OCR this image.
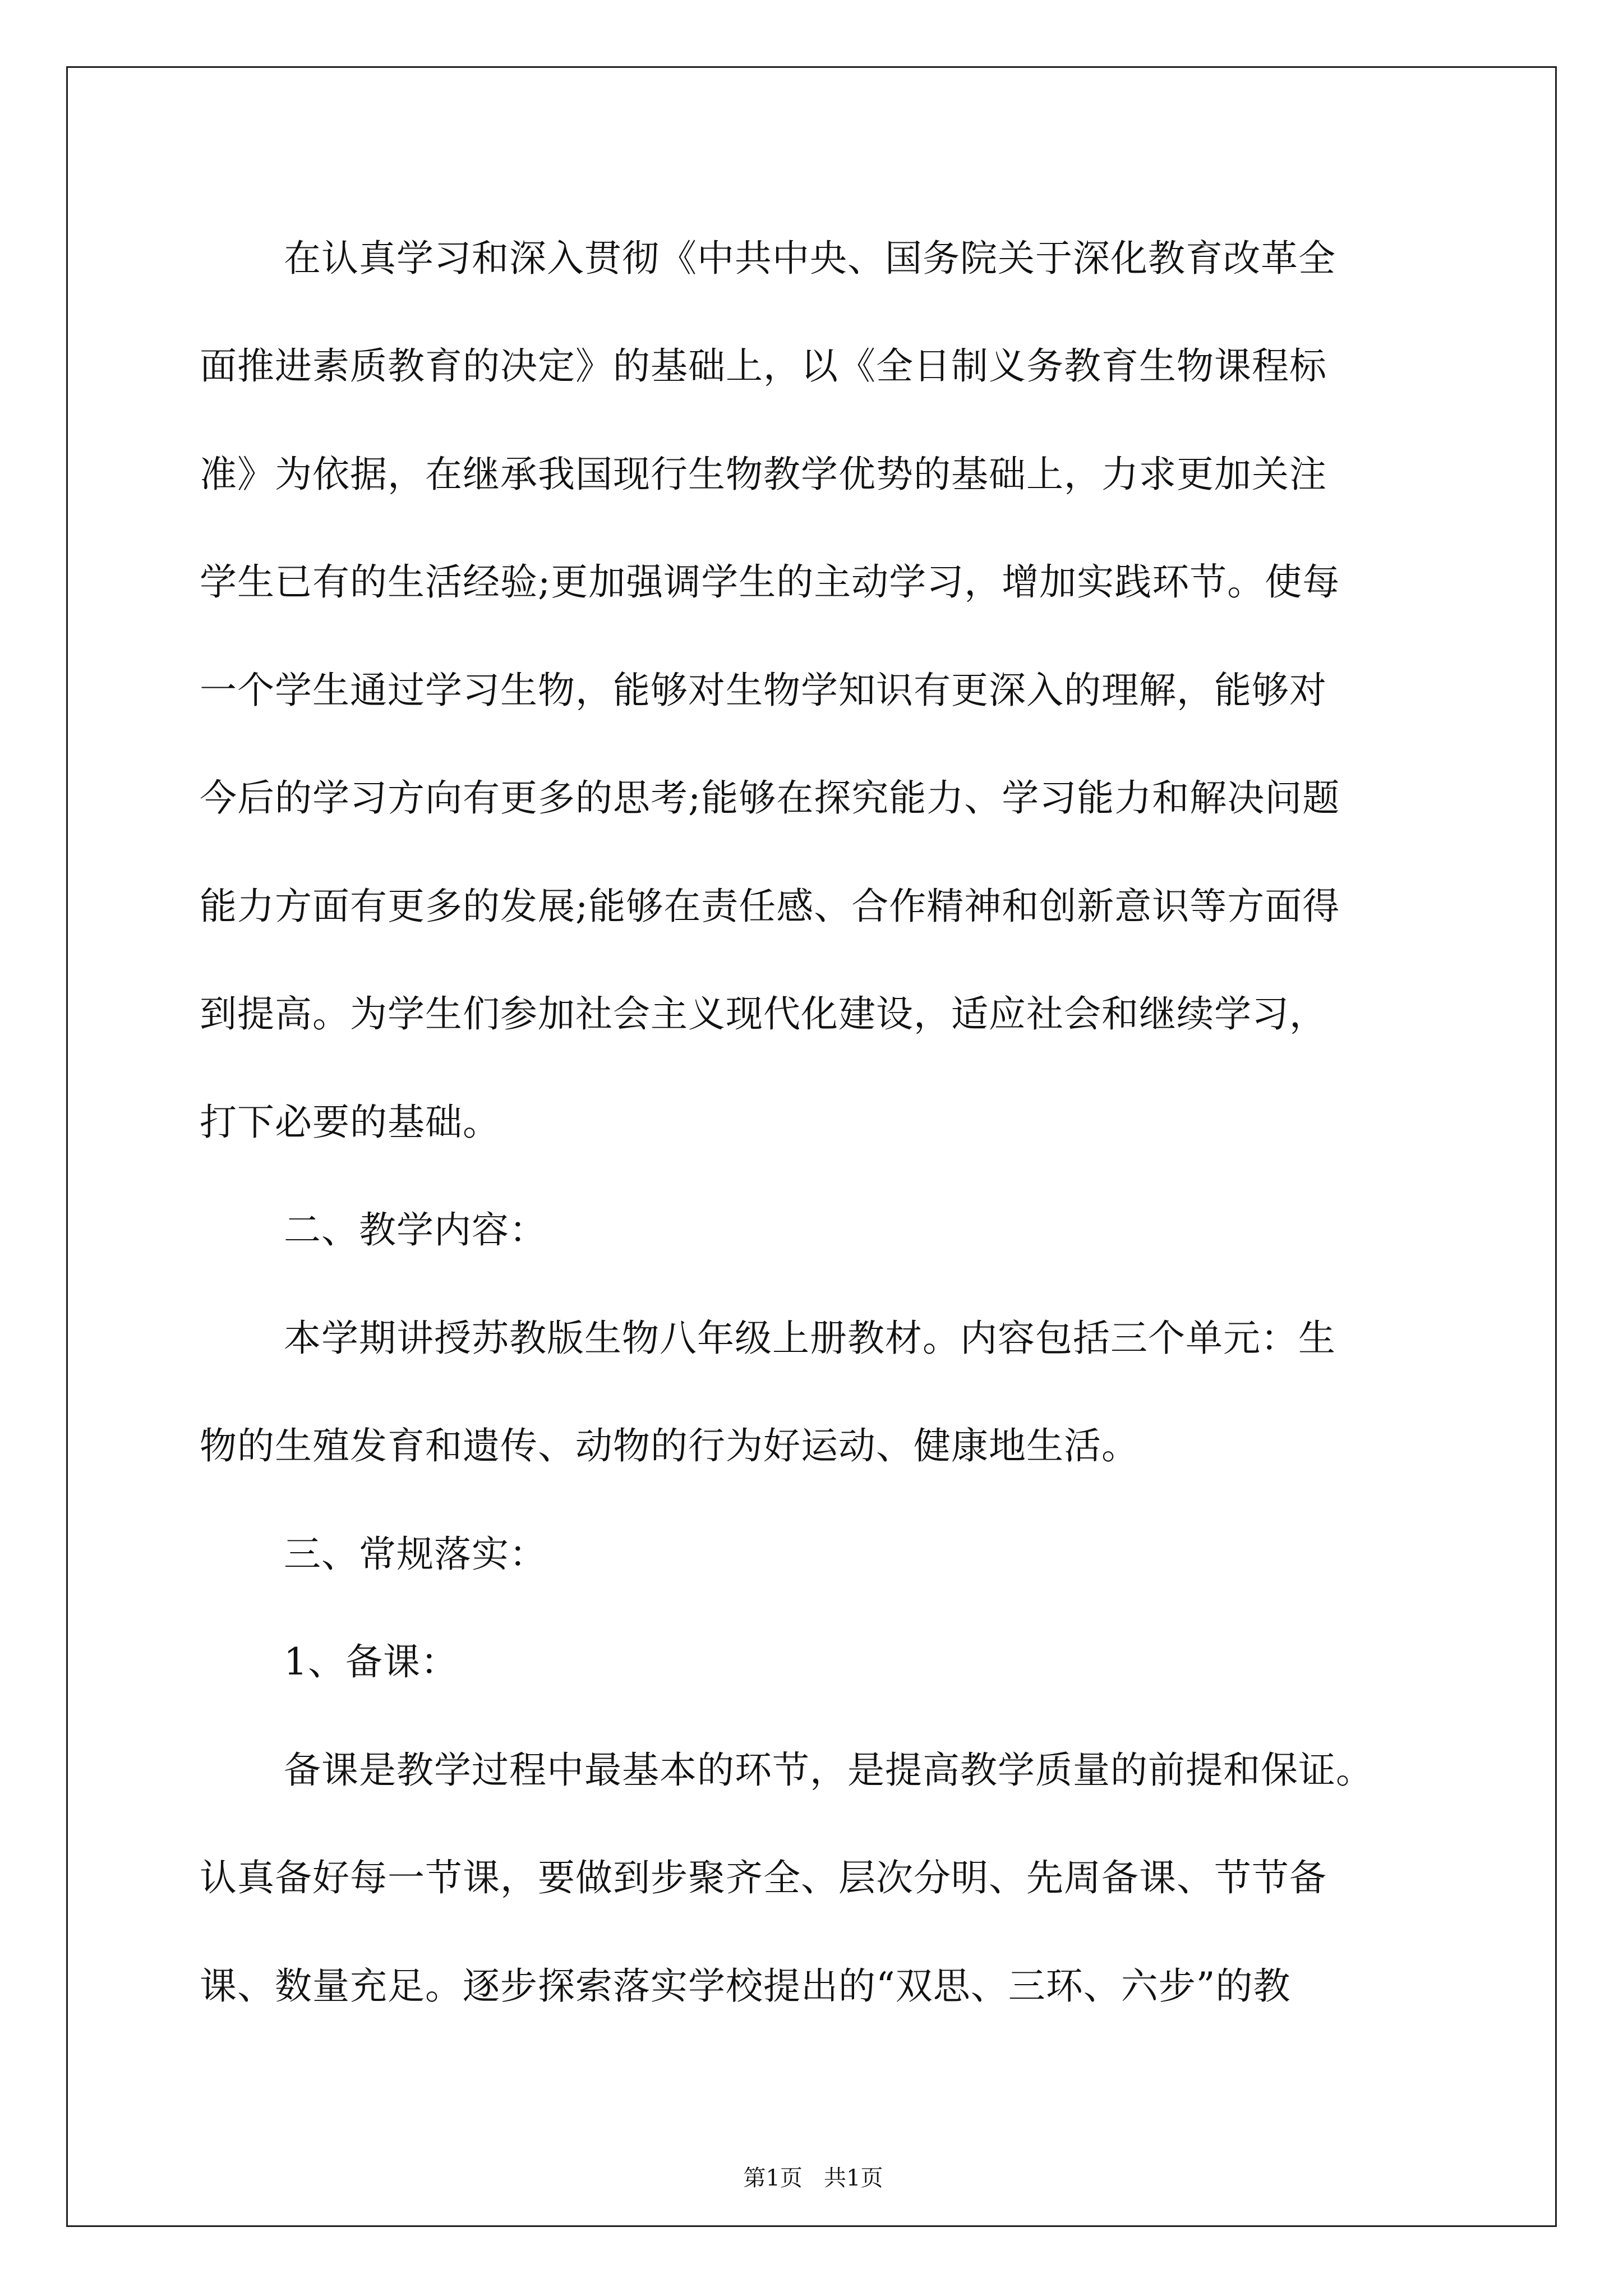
在认真学习和深入贯彻《中共中央、国务院关于深化教育改革全
面推进素质教育的决定》的基础上，以《全日制义务教育生物课程标
准》为依据，在继承我国现行生物教学优势的基础上，力求更加关注
学生已有的生活经验;更加强调学生的主动学习，增加实践环节。使每
一个学生通过学习生物，能够对生物学知识有更深入的理解，能够对
今后的学习方向有更多的思考;能够在探究能力、学习能力和解决问题
能力方面有更多的发展;能够在责任感、合作精神和创新意识等方面得
到提高。为学生们参加社会主义现代化建设，适应社会和继续学习，
打下必要的基础。
二、教学内容：
本学期讲授苏教版生物八年级上册教材。内容包括三个单元：生
物的生殖发育和遗传、动物的行为好运动、健康地生活。
三、常规落实：
1、备课：
备课是教学过程中最基本的环节，是提高教学质量的前提和保证。
认真备好每一节课，要做到步聚齐全、层次分明、先周备课、节节备
课、数量充足。逐步探索落实学校提出的“双思、三环、六步”的教
第1页   共1页
